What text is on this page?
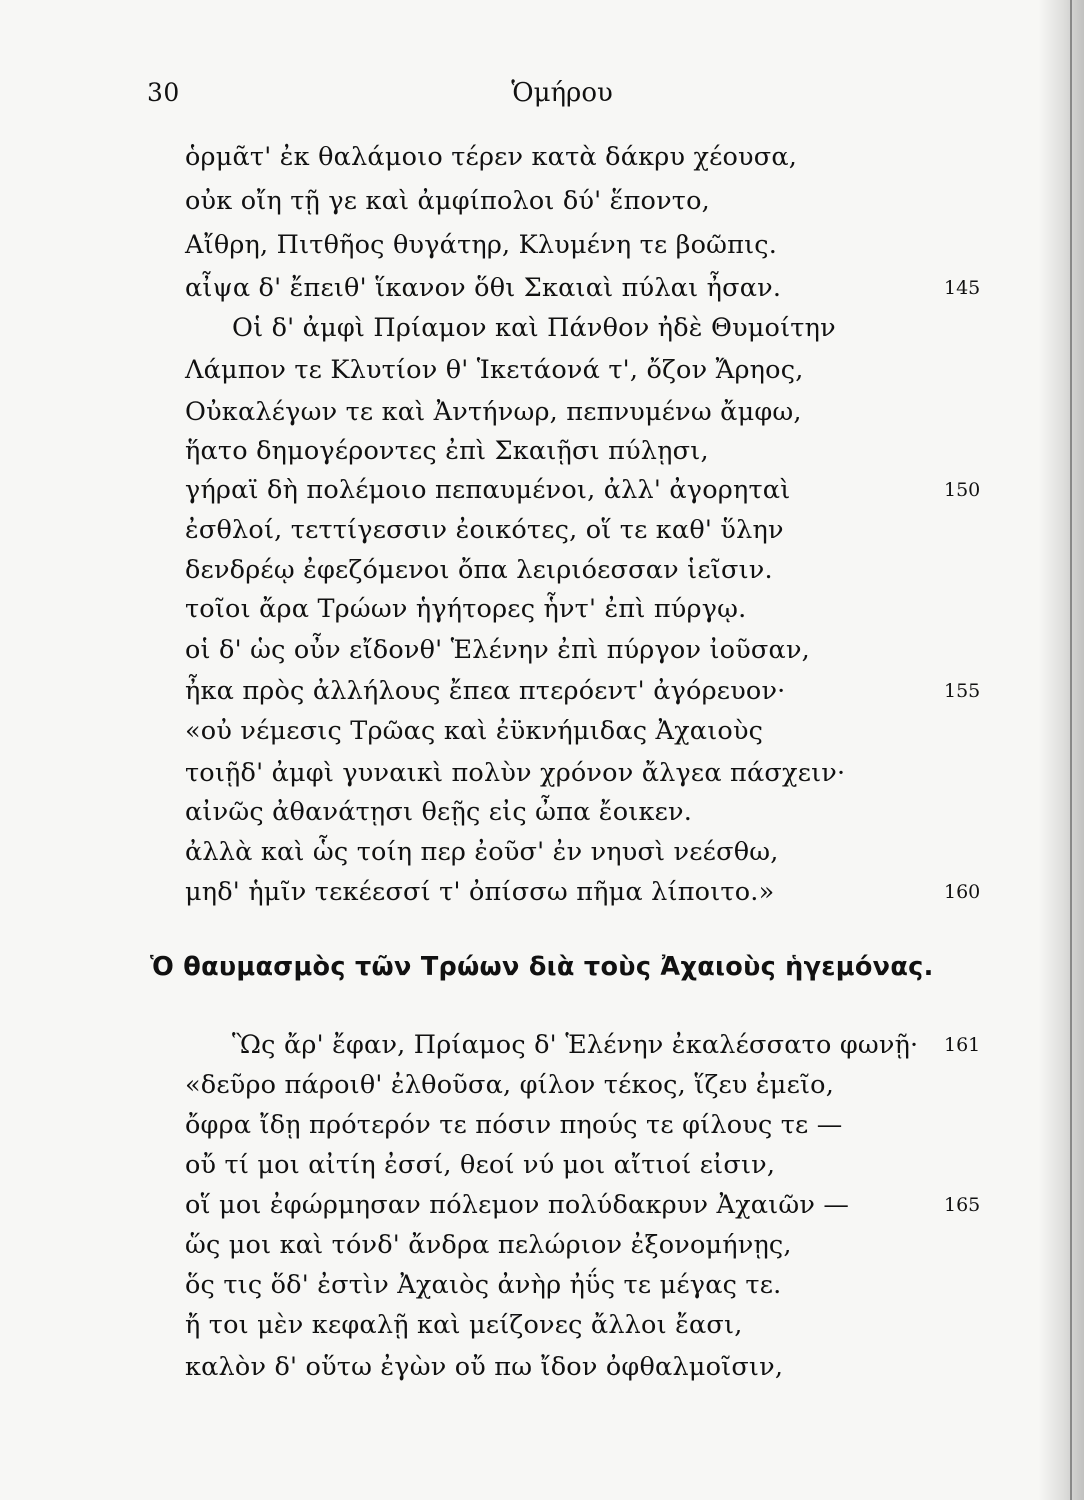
30	Ὁμήρου
ὁρμᾶτ' ἐκ θαλάμοιο τέρεν κατὰ δάκρυ χέουσα,
οὐκ οἴη τῇ γε καὶ ἀμφίπολοι δύ' ἕποντο,
Αἴθρη, Πιτθῆος θυγάτηρ, Κλυμένη τε βοῶπις.
αἶψα δ' ἔπειθ' ἵκανον ὅθι Σκαιαὶ πύλαι ἦσαν.	145
Οἱ δ' ἀμφὶ Πρίαμον καὶ Πάνθον ἠδὲ Θυμοίτην
Λάμπον τε Κλυτίον θ' Ἱκετάονά τ', ὄζον Ἄρηος,
Οὐκαλέγων τε καὶ Ἀντήνωρ, πεπνυμένω ἄμφω,
ἥατο δημογέροντες ἐπὶ Σκαιῇσι πύλῃσι,
γήραϊ δὴ πολέμοιο πεπαυμένοι, ἀλλ' ἀγορηταὶ	150
ἐσθλοί, τεττίγεσσιν ἐοικότες, οἵ τε καθ' ὕλην
δενδρέῳ ἐφεζόμενοι ὄπα λειριόεσσαν ἱεῖσιν.
τοῖοι ἄρα Τρώων ἡγήτορες ἧντ' ἐπὶ πύργῳ.
οἱ δ' ὡς οὖν εἴδονθ' Ἑλένην ἐπὶ πύργον ἰοῦσαν,
ἦκα πρὸς ἀλλήλους ἔπεα πτερόεντ' ἀγόρευον·	155
«οὐ νέμεσις Τρῶας καὶ ἐϋκνήμιδας Ἀχαιοὺς
τοιῇδ' ἀμφὶ γυναικὶ πολὺν χρόνον ἄλγεα πάσχειν·
αἰνῶς ἀθανάτῃσι θεῇς εἰς ὦπα ἔοικεν.
ἀλλὰ καὶ ὧς τοίη περ ἐοῦσ' ἐν νηυσὶ νεέσθω,
μηδ' ἡμῖν τεκέεσσί τ' ὀπίσσω πῆμα λίποιτο.»	160
Ὁ θαυμασμὸς τῶν Τρώων διὰ τοὺς Ἀχαιοὺς ἡγεμόνας.
Ὣς ἄρ' ἔφαν, Πρίαμος δ' Ἑλένην ἐκαλέσσατο φωνῇ· 161
«δεῦρο πάροιθ' ἐλθοῦσα, φίλον τέκος, ἵζευ ἐμεῖο,
ὄφρα ἴδῃ πρότερόν τε πόσιν πηούς τε φίλους τε —
οὔ τί μοι αἰτίη ἐσσί, θεοί νύ μοι αἴτιοί εἰσιν,
οἵ μοι ἐφώρμησαν πόλεμον πολύδακρυν Ἀχαιῶν —	165
ὥς μοι καὶ τόνδ' ἄνδρα πελώριον ἐξονομήνῃς,
ὅς τις ὅδ' ἐστὶν Ἀχαιὸς ἀνὴρ ἠΰς τε μέγας τε.
ἤ τοι μὲν κεφαλῇ καὶ μείζονες ἄλλοι ἔασι,
καλὸν δ' οὕτω ἐγὼν οὔ πω ἴδον ὀφθαλμοῖσιν,
